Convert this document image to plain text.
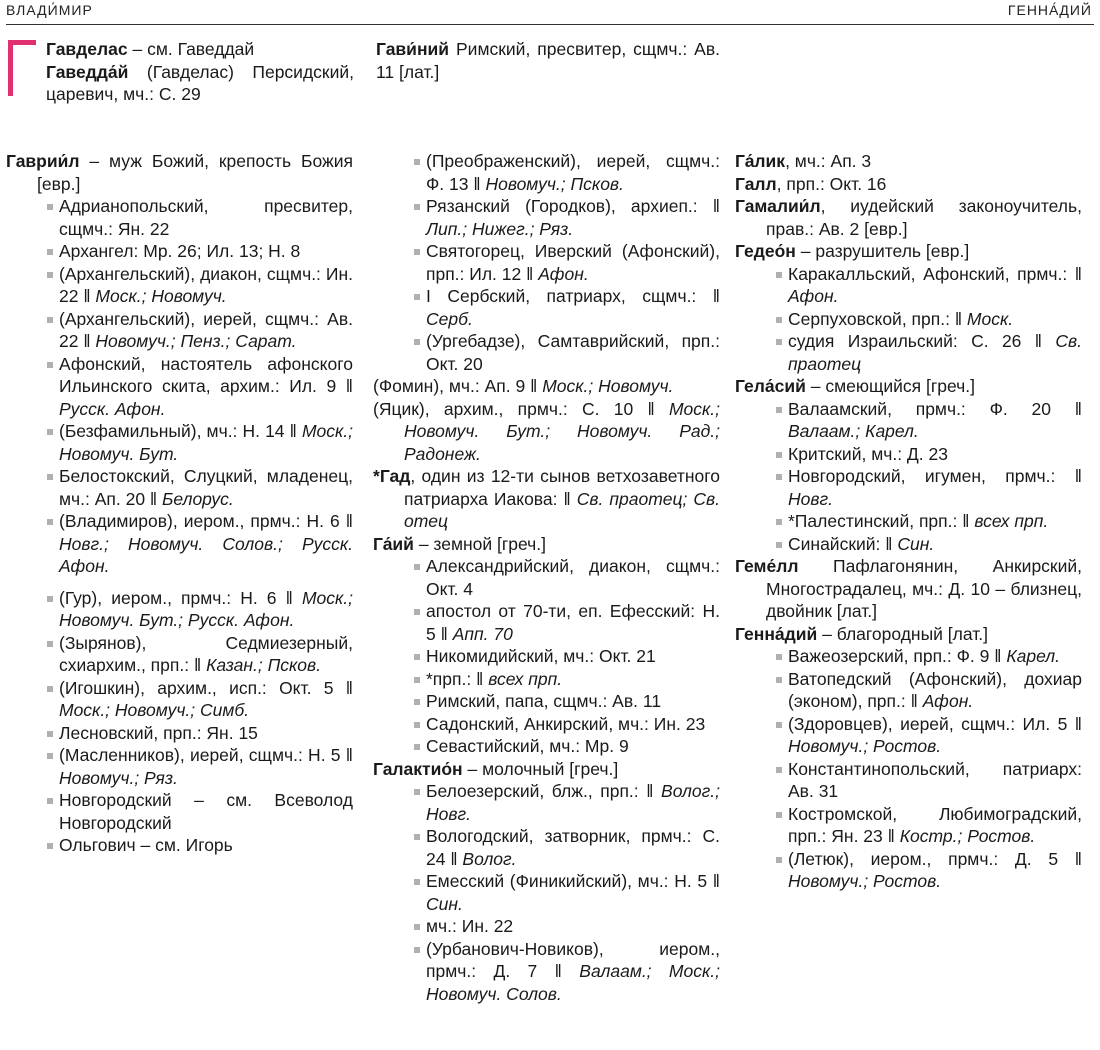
ВЛАДИ́МИР	ГЕННА́ДИЙ

Гавделас – см. Гаведдай

Гаведда́й (Гавделас) Персидский, царевич, мч.: С. 29

Гави́ний Римский, пресвитер, сщмч.: Ав. 11 [лат.]

Гаврии́л – муж Божий, крепость Божия [евр.]

Адрианопольский, пресвитер, сщмч.: Ян. 22

Архангел: Мр. 26; Ил. 13; Н. 8

(Архангельский), диакон, сщмч.: Ин. 22 ‖ Моск.; Новомуч.

(Архангельский), иерей, сщмч.: Ав. 22 ‖ Новомуч.; Пенз.; Сарат.

Афонский, настоятель афонского Ильинского скита, архим.: Ил. 9 ‖ Русск. Афон.

(Безфамильный), мч.: Н. 14 ‖ Моск.; Новомуч. Бут.

Белостокский, Слуцкий, младенец, мч.: Ап. 20 ‖ Белорус.

(Владимиров), иером., прмч.: Н. 6 ‖ Новг.; Новомуч. Солов.; Русск. Афон.

(Гур), иером., прмч.: Н. 6 ‖ Моск.; Новомуч. Бут.; Русск. Афон.

(Зырянов), Седмиезерный, схиархим., прп.: ‖ Казан.; Псков.

(Игошкин), архим., исп.: Окт. 5 ‖ Моск.; Новомуч.; Симб.

Лесновский, прп.: Ян. 15

(Масленников), иерей, сщмч.: Н. 5 ‖ Новомуч.; Ряз.

Новгородский – см. Всеволод Новгородский

Ольгович – см. Игорь

(Преображенский), иерей, сщмч.: Ф. 13 ‖ Новомуч.; Псков.

Рязанский (Городков), архиеп.: ‖ Лип.; Нижег.; Ряз.

Святогорец, Иверский (Афонский), прп.: Ил. 12 ‖ Афон.

I Сербский, патриарх, сщмч.: ‖ Серб.

(Ургебадзе), Самтаврийский, прп.: Окт. 20

(Фомин), мч.: Ап. 9 ‖ Моск.; Новомуч.

(Яцик), архим., прмч.: С. 10 ‖ Моск.; Новомуч. Бут.; Новомуч. Рад.; Радонеж.

*Гад, один из 12-ти сынов ветхозаветного патриарха Иакова: ‖ Св. праотец; Св. отец

Га́ий – земной [греч.]

Александрийский, диакон, сщмч.: Окт. 4

апостол от 70-ти, еп. Ефесский: Н. 5 ‖ Апп. 70

Никомидийский, мч.: Окт. 21

*прп.: ‖ всех прп.

Римский, папа, сщмч.: Ав. 11

Садонский, Анкирский, мч.: Ин. 23

Севастийский, мч.: Мр. 9

Галактио́н – молочный [греч.]

Белоезерский, блж., прп.: ‖ Волог.; Новг.

Вологодский, затворник, прмч.: С. 24 ‖ Волог.

Емесский (Финикийский), мч.: Н. 5 ‖ Син.

мч.: Ин. 22

(Урбанович-Новиков), иером., прмч.: Д. 7 ‖ Валаам.; Моск.; Новомуч. Солов.

Га́лик, мч.: Ап. 3

Галл, прп.: Окт. 16

Гамалии́л, иудейский законоучитель, прав.: Ав. 2 [евр.]

Гедео́н – разрушитель [евр.]

Каракалльский, Афонский, прмч.: ‖ Афон.

Серпуховской, прп.: ‖ Моск.

судия Израильский: С. 26 ‖ Св. праотец

Гела́сий – смеющийся [греч.]

Валаамский, прмч.: Ф. 20 ‖ Валаам.; Карел.

Критский, мч.: Д. 23

Новгородский, игумен, прмч.: ‖ Новг.

*Палестинский, прп.: ‖ всех прп.

Синайский: ‖ Син.

Геме́лл Пафлагонянин, Анкирский, Многострадалец, мч.: Д. 10 – близнец, двойник [лат.]

Генна́дий – благородный [лат.]

Важеозерский, прп.: Ф. 9 ‖ Карел.

Ватопедский (Афонский), дохиар (эконом), прп.: ‖ Афон.

(Здоровцев), иерей, сщмч.: Ил. 5 ‖ Новомуч.; Ростов.

Константинопольский, патриарх: Ав. 31

Костромской, Любимоградский, прп.: Ян. 23 ‖ Костр.; Ростов.

(Летюк), иером., прмч.: Д. 5 ‖ Новомуч.; Ростов.
